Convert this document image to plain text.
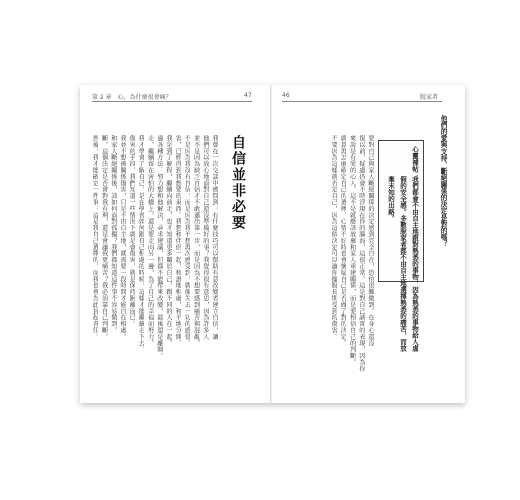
第 2 章　心，為什麼很會痛？	47
自信並非必要
我曾在一次交談中被問到：有什麼技巧可以幫助有意改變者建立自信，讓
他們可以放心地面對自己還沒準備好的事？我覺得很有意思，因為許多人
並不是因為缺乏自信才不敢邁出第一步，而是因為不想要感到痛苦與混亂。
不是因為我沒有自信，而是因為我不想再次感受到，就像失去一切的感覺。
害，已經得到我想要的東西。我想和伴侶一起，和諧地相處，和平地分開。
我是到了解程，繼續向前走，也才知道更多關於自己，跟不同的人在一起。
過各種方法：努力想和他解決，尋求建議，但都不能帶來改變，最後還是離開。
走，繼續留在害怕的大橋上，還是要走向另一邊，為了自己的幸福而努力。
我才學會了解自己，是在學習如何跟自己相處的時候，這樣才能繼續走下去。
傷害的手段，我們知道一些情況下就是會傷害，就是保持距離而已。
我並不想被關係傷害，只是不由自主地，就需要一段時間才能自在相處。
和家人斷絕關係後，該如何面對孤獨？我們都知道這件事不容易做到。
斷，這個決定是否會對我有利，還是會讓我更痛苦？我必須靠自己判斷。
然後，我才能確定一件事：這是我自己選擇的，而我也會為此負起責任。
46	脫家者
他們的愛與支持，斷絕關係的決定是對的嗎？
心靈補帖：
我們都會不由自主地跟對熟悉的事物，因為熟悉的事物給人虛
假的安全感。多數脫家者都不由自主地選擇熟悉的痛苦，而放
棄未知的出路。
要對自己與家人斷絕關係的決定感到完全自在，恐怕很難做到。在身心還沒
復以前，疑慮仍會不時浮現在你的腦海，這很正常。這是對自己誠實的表現，因為你
來說是有愛的心人。這不是就應該放棄和家人重建關係，而是要相信自己的判斷。
就算再怎麼確定自己的選擇，心情不好時也會懷疑自己是否做了對的決定。
不要因為這樣就否定自己，因為這個決定可以讓你擺脫長期受到的傷害。
